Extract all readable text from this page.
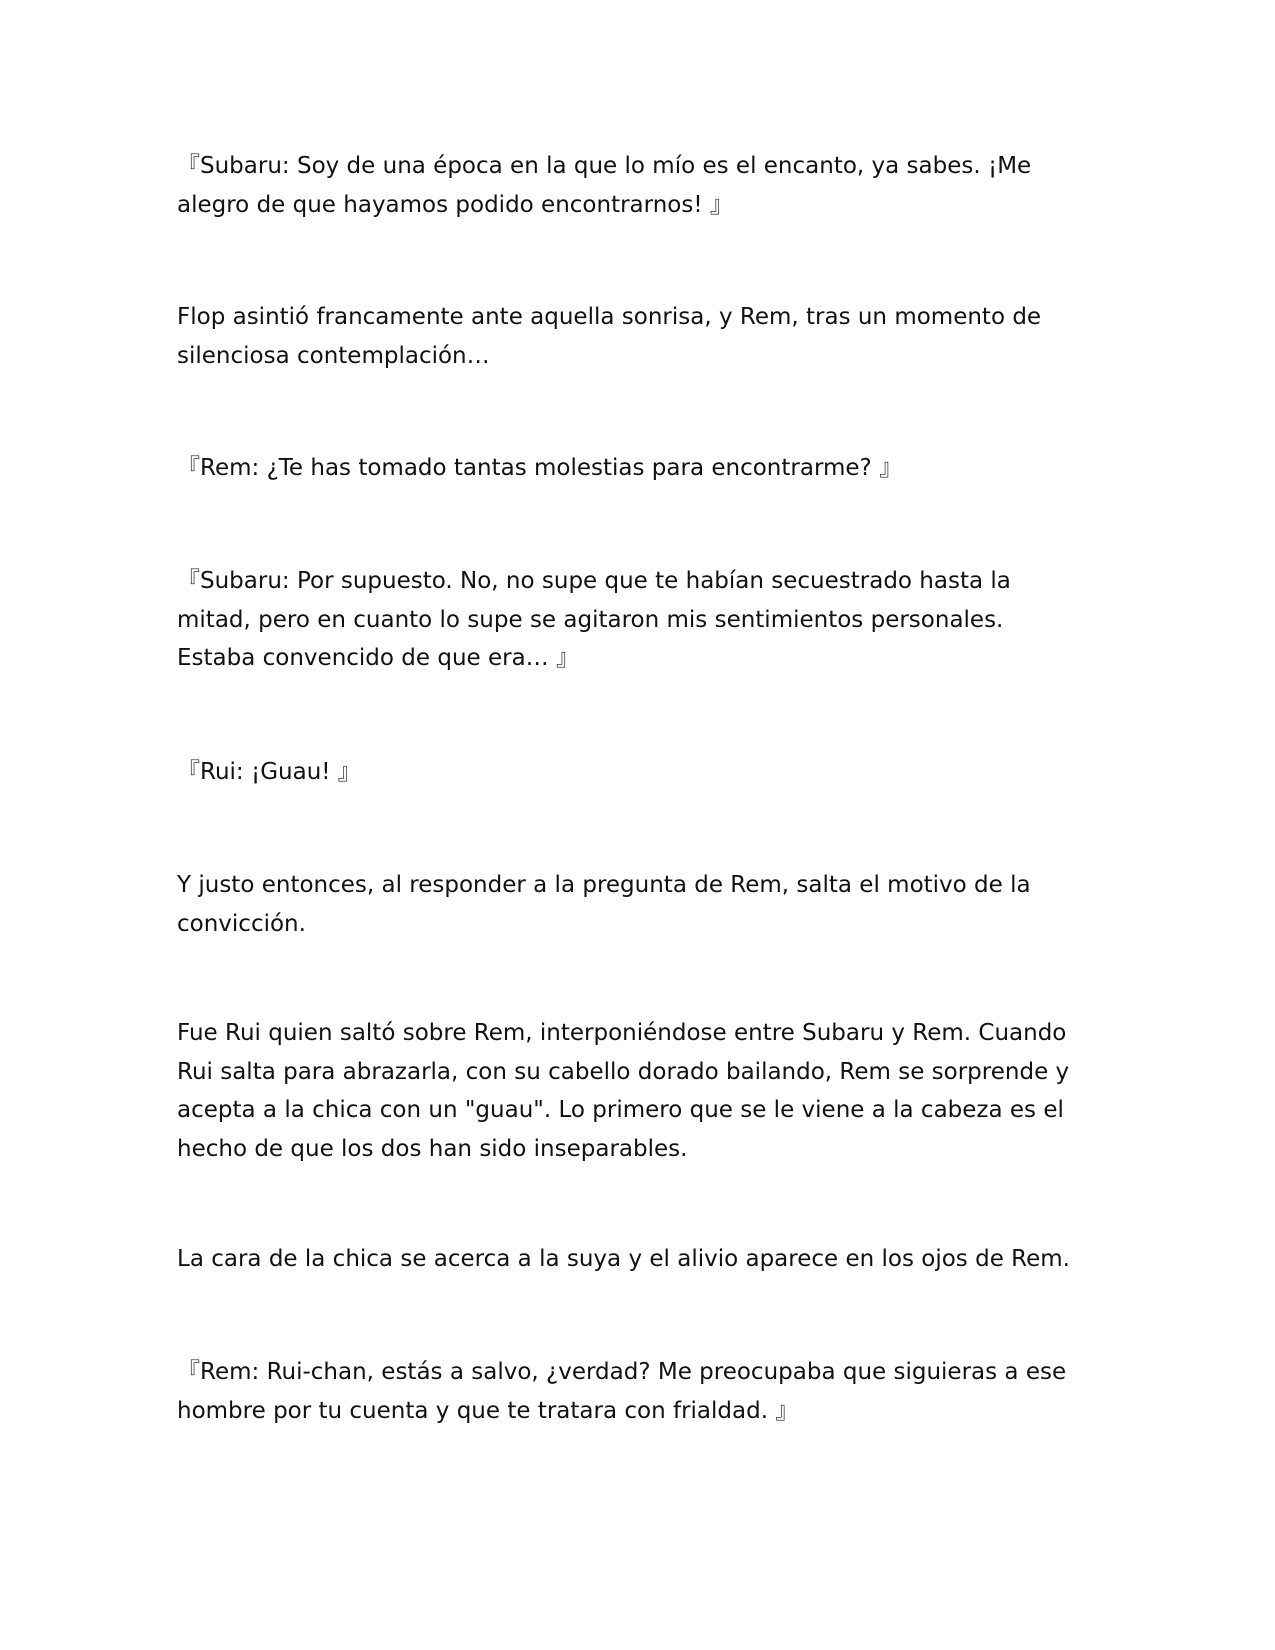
『Subaru: Soy de una época en la que lo mío es el encanto, ya sabes. ¡Me
alegro de que hayamos podido encontrarnos! 』

Flop asintió francamente ante aquella sonrisa, y Rem, tras un momento de
silenciosa contemplación…

『Rem: ¿Te has tomado tantas molestias para encontrarme? 』

『Subaru: Por supuesto. No, no supe que te habían secuestrado hasta la
mitad, pero en cuanto lo supe se agitaron mis sentimientos personales.
Estaba convencido de que era… 』

『Rui: ¡Guau! 』

Y justo entonces, al responder a la pregunta de Rem, salta el motivo de la
convicción.

Fue Rui quien saltó sobre Rem, interponiéndose entre Subaru y Rem. Cuando
Rui salta para abrazarla, con su cabello dorado bailando, Rem se sorprende y
acepta a la chica con un "guau". Lo primero que se le viene a la cabeza es el
hecho de que los dos han sido inseparables.

La cara de la chica se acerca a la suya y el alivio aparece en los ojos de Rem.

『Rem: Rui-chan, estás a salvo, ¿verdad? Me preocupaba que siguieras a ese
hombre por tu cuenta y que te tratara con frialdad. 』
